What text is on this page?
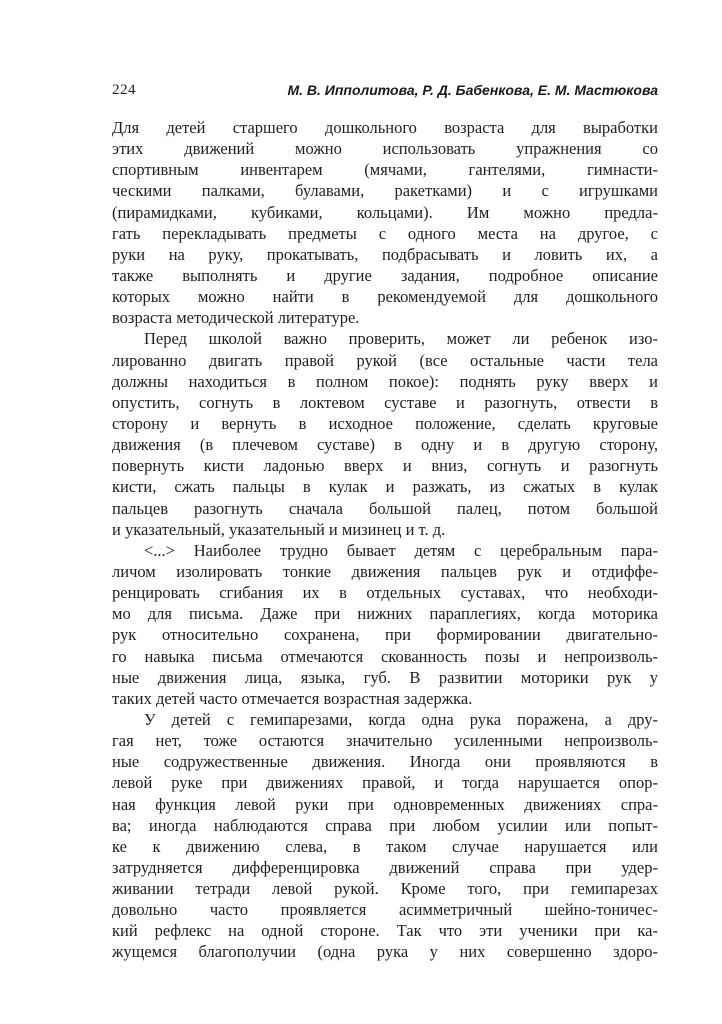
224	М. В. Ипполитова, Р. Д. Бабенкова, Е. М. Мастюкова
Для детей старшего дошкольного возраста для выработки
этих движений можно использовать упражнения со
спортивным инвентарем (мячами, гантелями, гимнасти-
ческими палками, булавами, ракетками) и с игрушками
(пирамидками, кубиками, кольцами). Им можно предла-
гать перекладывать предметы с одного места на другое, с
руки на руку, прокатывать, подбрасывать и ловить их, а
также выполнять и другие задания, подробное описание
которых можно найти в рекомендуемой для дошкольного
возраста методической литературе.
Перед школой важно проверить, может ли ребенок изо-
лированно двигать правой рукой (все остальные части тела
должны находиться в полном покое): поднять руку вверх и
опустить, согнуть в локтевом суставе и разогнуть, отвести в
сторону и вернуть в исходное положение, сделать круговые
движения (в плечевом суставе) в одну и в другую сторону,
повернуть кисти ладонью вверх и вниз, согнуть и разогнуть
кисти, сжать пальцы в кулак и разжать, из сжатых в кулак
пальцев разогнуть сначала большой палец, потом большой
и указательный, указательный и мизинец и т. д.
<...> Наиболее трудно бывает детям с церебральным пара-
личом изолировать тонкие движения пальцев рук и отдиффе-
ренцировать сгибания их в отдельных суставах, что необходи-
мо для письма. Даже при нижних параплегиях, когда моторика
рук относительно сохранена, при формировании двигательно-
го навыка письма отмечаются скованность позы и непроизволь-
ные движения лица, языка, губ. В развитии моторики рук у
таких детей часто отмечается возрастная задержка.
У детей с гемипарезами, когда одна рука поражена, а дру-
гая нет, тоже остаются значительно усиленными непроизволь-
ные содружественные движения. Иногда они проявляются в
левой руке при движениях правой, и тогда нарушается опор-
ная функция левой руки при одновременных движениях спра-
ва; иногда наблюдаются справа при любом усилии или попыт-
ке к движению слева, в таком случае нарушается или
затрудняется дифференцировка движений справа при удер-
живании тетради левой рукой. Кроме того, при гемипарезах
довольно часто проявляется асимметричный шейно-тоничес-
кий рефлекс на одной стороне. Так что эти ученики при ка-
жущемся благополучии (одна рука у них совершенно здоро-
